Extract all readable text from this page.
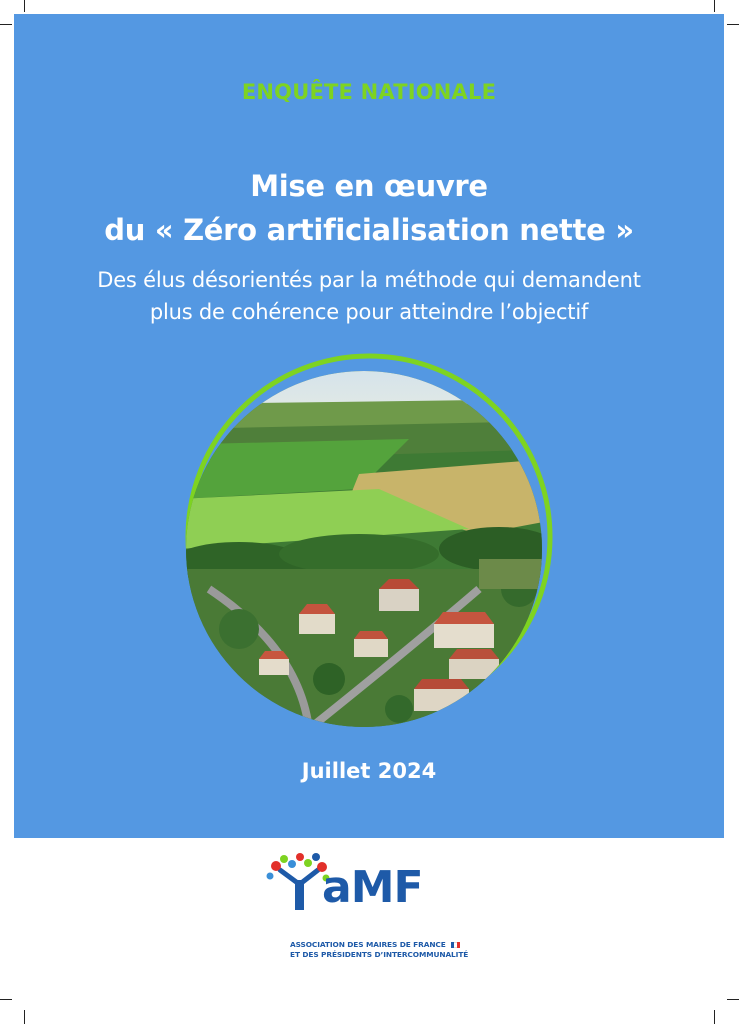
ENQUÊTE NATIONALE
Mise en œuvre
du « Zéro artificialisation nette »
Des élus désorientés par la méthode qui demandent
plus de cohérence pour atteindre l’objectif
Juillet 2024
aMF
ASSOCIATION DES MAIRES DE FRANCE
ET DES PRÉSIDENTS D’INTERCOMMUNALITÉ
